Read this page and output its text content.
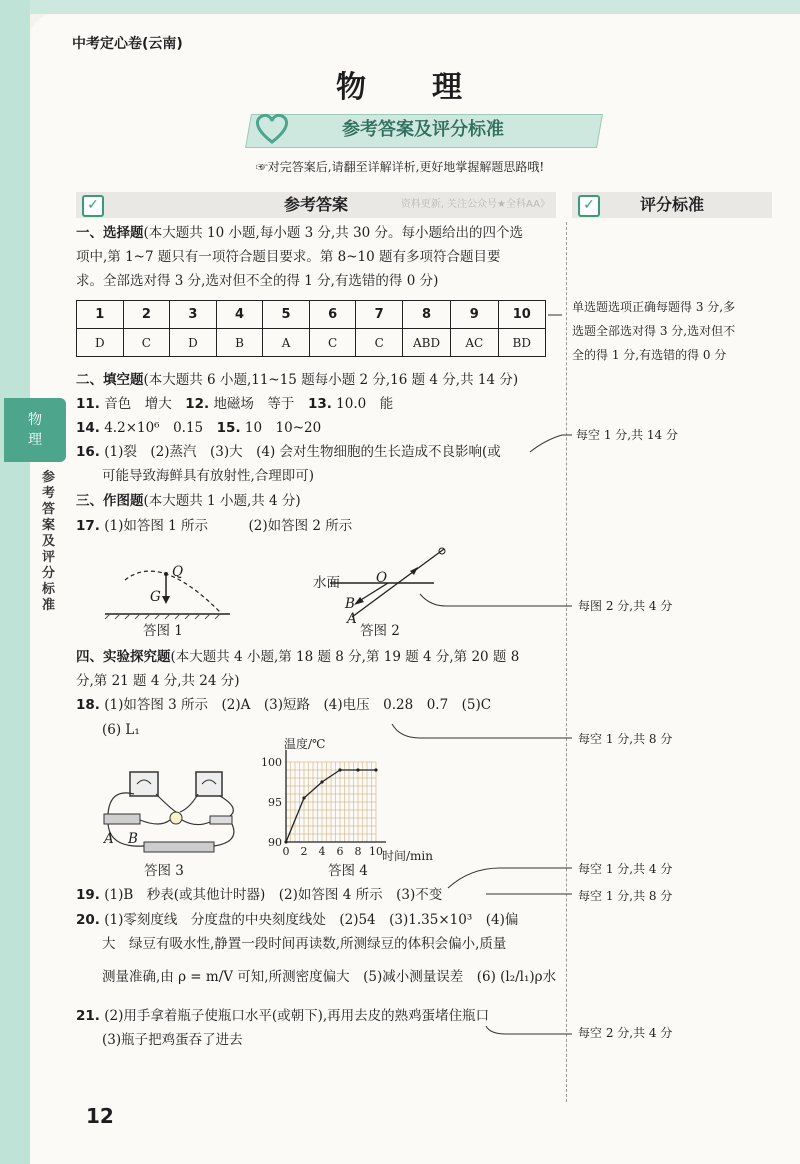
物
理
参考答案及评分标准
中考定心卷(云南)
物　　理
参考答案及评分标准
☞对完答案后,请翻至详解详析,更好地掌握解题思路哦!
✓	参考答案	资料更新, 关注公众号★全科AA》	✓	评分标准
一、选择题(本大题共 10 小题,每小题 3 分,共 30 分。每小题给出的四个选
项中,第 1~7 题只有一项符合题目要求。第 8~10 题有多项符合题目要
求。全部选对得 3 分,选对但不全的得 1 分,有选错的得 0 分)
1	2	3	4	5	6	7	8	9	10
D	C	D	B	A	C	C	ABD	AC	BD
单选题选项正确每题得 3 分,多
选题全部选对得 3 分,选对但不
全的得 1 分,有选错的得 0 分
二、填空题(本大题共 6 小题,11~15 题每小题 2 分,16 题 4 分,共 14 分)
11. 音色　增大　 12. 地磁场　等于　 13. 10.0　能
14. 4.2×10⁶　0.15　 15. 10　10~20
16. (1)裂　(2)蒸汽　(3)大　(4) 会对生物细胞的生长造成不良影响(或
可能导致海鲜具有放射性,合理即可)
每空 1 分,共 14 分
三、作图题(本大题共 1 小题,共 4 分)
17. (1)如答图 1 所示　　　	(2)如答图 2 所示
Q
G
答图 1
水面	O
B
A
答图 2
每图 2 分,共 4 分
四、实验探究题(本大题共 4 小题,第 18 题 8 分,第 19 题 4 分,第 20 题 8
分,第 21 题 4 分,共 24 分)
18. (1)如答图 3 所示　(2)A　(3)短路　(4)电压　0.28　0.7　(5)C
(6) L₁
每空 1 分,共 8 分
A B
答图 3
0 2 4 6 8 10
90
95
100
温度/℃
时间/min
答图 4
19. (1)B　秒表(或其他计时器)　(2)如答图 4 所示　(3)不变
每空 1 分,共 4 分
每空 1 分,共 8 分
20. (1)零刻度线　分度盘的中央刻度线处　(2)54　(3)1.35×10³　(4)偏
大　绿豆有吸水性,静置一段时间再读数,所测绿豆的体积会偏小,质量
测量准确,由 ρ = m/V 可知,所测密度偏大　(5)减小测量误差　(6) (l₂/l₁)ρ水
21. (2)用手拿着瓶子使瓶口水平(或朝下),再用去皮的熟鸡蛋堵住瓶口
(3)瓶子把鸡蛋吞了进去	每空 2 分,共 4 分
12
